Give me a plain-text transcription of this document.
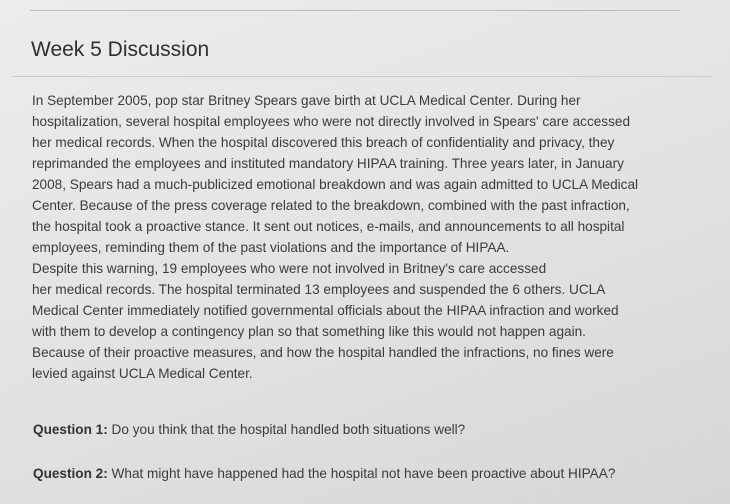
Week 5 Discussion

In September 2005, pop star Britney Spears gave birth at UCLA Medical Center. During her
hospitalization, several hospital employees who were not directly involved in Spears' care accessed
her medical records. When the hospital discovered this breach of confidentiality and privacy, they
reprimanded the employees and instituted mandatory HIPAA training. Three years later, in January
2008, Spears had a much-publicized emotional breakdown and was again admitted to UCLA Medical
Center. Because of the press coverage related to the breakdown, combined with the past infraction,
the hospital took a proactive stance. It sent out notices, e-mails, and announcements to all hospital
employees, reminding them of the past violations and the importance of HIPAA.
Despite this warning, 19 employees who were not involved in Britney's care accessed
her medical records. The hospital terminated 13 employees and suspended the 6 others. UCLA
Medical Center immediately notified governmental officials about the HIPAA infraction and worked
with them to develop a contingency plan so that something like this would not happen again.
Because of their proactive measures, and how the hospital handled the infractions, no fines were
levied against UCLA Medical Center.

Question 1: Do you think that the hospital handled both situations well?

Question 2: What might have happened had the hospital not have been proactive about HIPAA?
